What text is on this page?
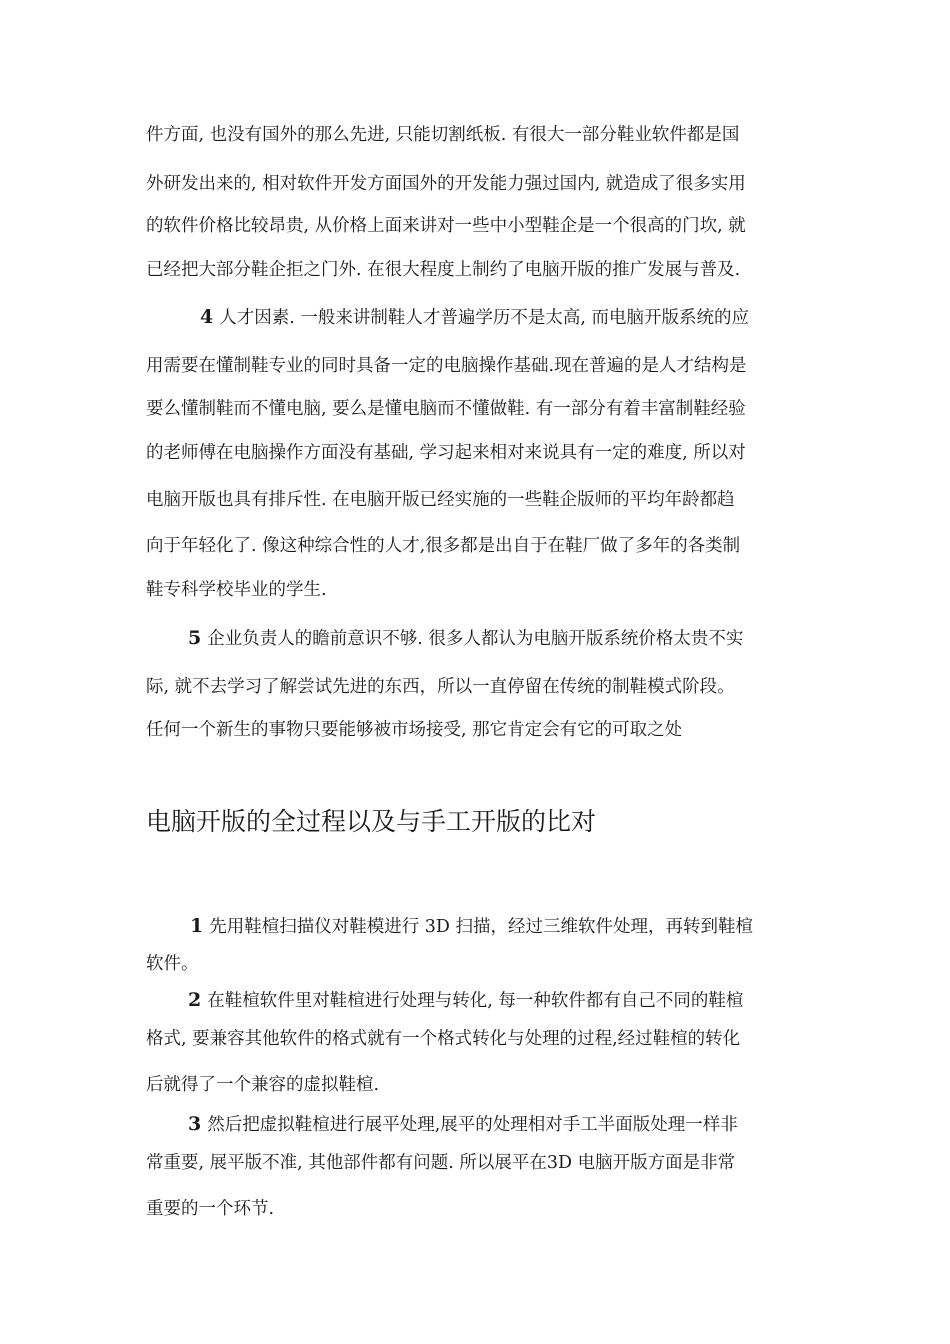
件方面, 也没有国外的那么先进, 只能切割纸板. 有很大一部分鞋业软件都是国
外研发出来的, 相对软件开发方面国外的开发能力强过国内, 就造成了很多实用
的软件价格比较昂贵, 从价格上面来讲对一些中小型鞋企是一个很高的门坎, 就
已经把大部分鞋企拒之门外. 在很大程度上制约了电脑开版的推广发展与普及.
4 人才因素. 一般来讲制鞋人才普遍学历不是太高, 而电脑开版系统的应
用需要在懂制鞋专业的同时具备一定的电脑操作基础.现在普遍的是人才结构是
要么懂制鞋而不懂电脑, 要么是懂电脑而不懂做鞋. 有一部分有着丰富制鞋经验
的老师傅在电脑操作方面没有基础, 学习起来相对来说具有一定的难度, 所以对
电脑开版也具有排斥性. 在电脑开版已经实施的一些鞋企版师的平均年龄都趋
向于年轻化了. 像这种综合性的人才,很多都是出自于在鞋厂做了多年的各类制
鞋专科学校毕业的学生.
5 企业负责人的瞻前意识不够. 很多人都认为电脑开版系统价格太贵不实
际, 就不去学习了解尝试先进的东西，所以一直停留在传统的制鞋模式阶段。
任何一个新生的事物只要能够被市场接受, 那它肯定会有它的可取之处
电脑开版的全过程以及与手工开版的比对
1 先用鞋楦扫描仪对鞋模进行 3D 扫描，经过三维软件处理，再转到鞋楦
软件。
2 在鞋楦软件里对鞋楦进行处理与转化, 每一种软件都有自己不同的鞋楦
格式, 要兼容其他软件的格式就有一个格式转化与处理的过程,经过鞋楦的转化
后就得了一个兼容的虚拟鞋楦.
3 然后把虚拟鞋楦进行展平处理,展平的处理相对手工半面版处理一样非
常重要, 展平版不准, 其他部件都有问题. 所以展平在3D 电脑开版方面是非常
重要的一个环节.
